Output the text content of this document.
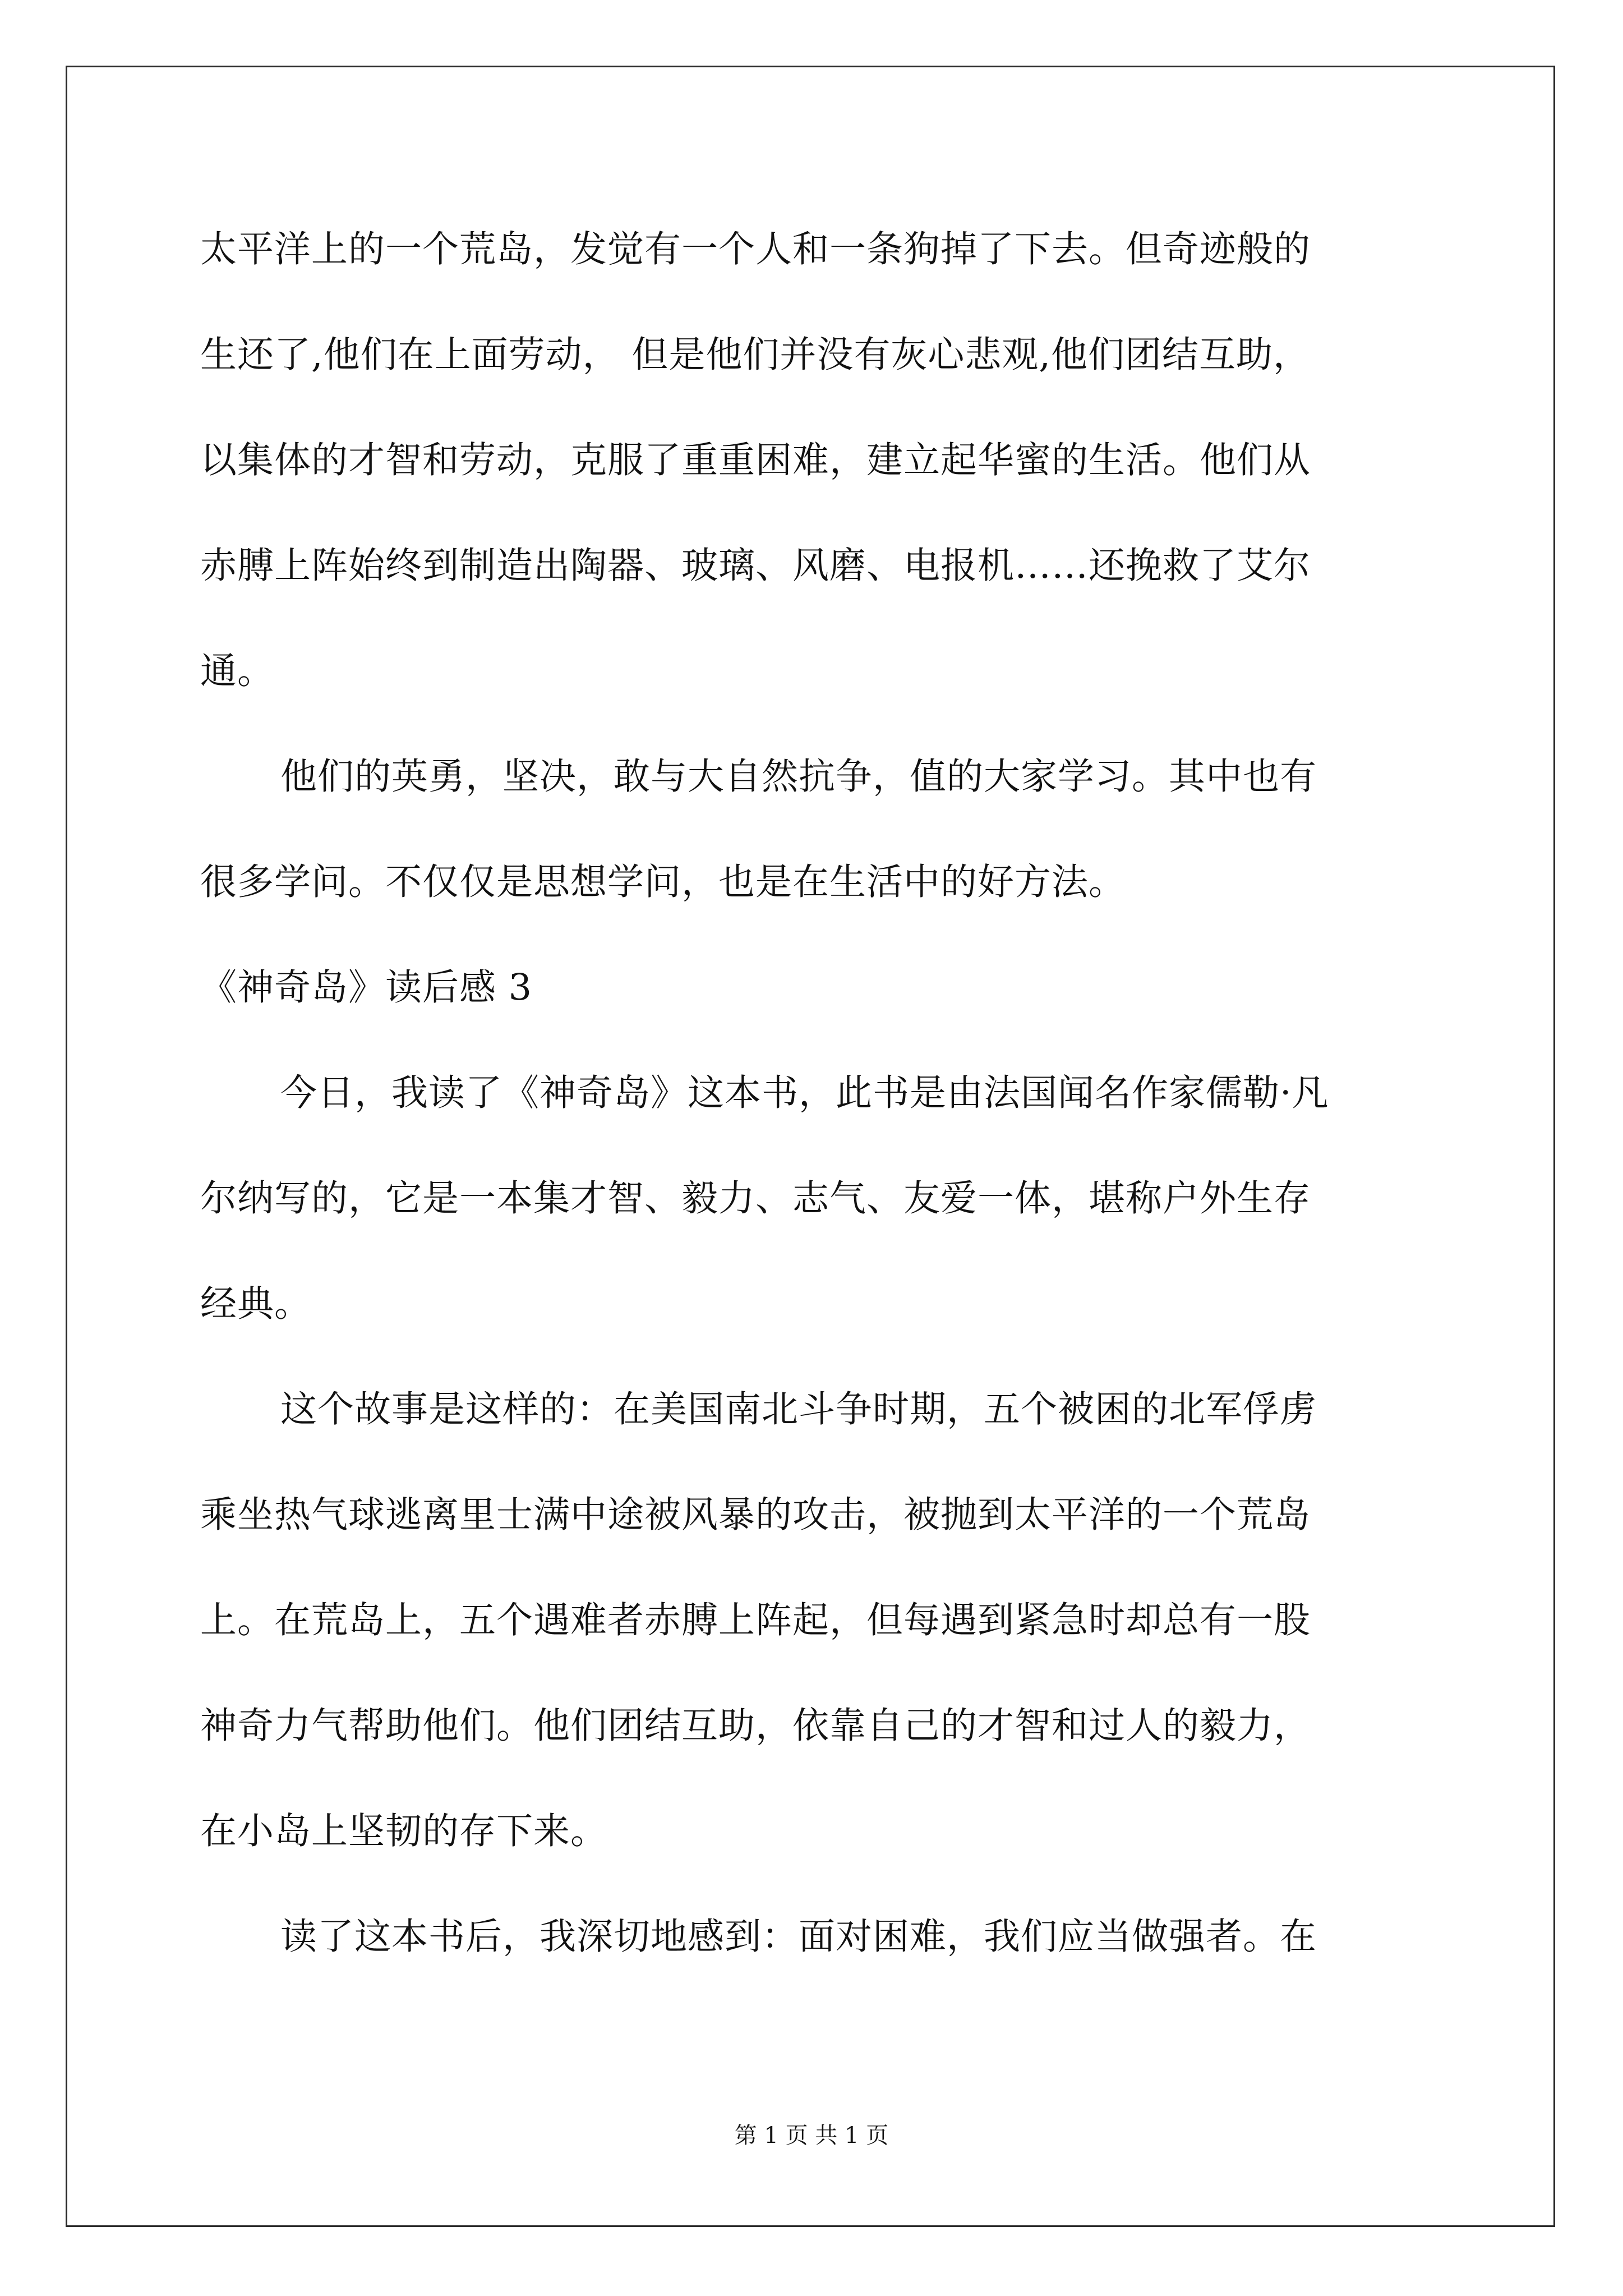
太平洋上的一个荒岛，发觉有一个人和一条狗掉了下去。但奇迹般的
生还了,他们在上面劳动， 但是他们并没有灰心悲观,他们团结互助，
以集体的才智和劳动，克服了重重困难，建立起华蜜的生活。他们从
赤膊上阵始终到制造出陶器、玻璃、风磨、电报机……还挽救了艾尔
通。
他们的英勇，坚决，敢与大自然抗争，值的大家学习。其中也有
很多学问。不仅仅是思想学问，也是在生活中的好方法。
《神奇岛》读后感 3
今日，我读了《神奇岛》这本书，此书是由法国闻名作家儒勒·凡
尔纳写的，它是一本集才智、毅力、志气、友爱一体，堪称户外生存
经典。
这个故事是这样的：在美国南北斗争时期，五个被困的北军俘虏
乘坐热气球逃离里士满中途被风暴的攻击，被抛到太平洋的一个荒岛
上。在荒岛上，五个遇难者赤膊上阵起，但每遇到紧急时却总有一股
神奇力气帮助他们。他们团结互助，依靠自己的才智和过人的毅力，
在小岛上坚韧的存下来。
读了这本书后，我深切地感到：面对困难，我们应当做强者。在
第 1 页 共 1 页
